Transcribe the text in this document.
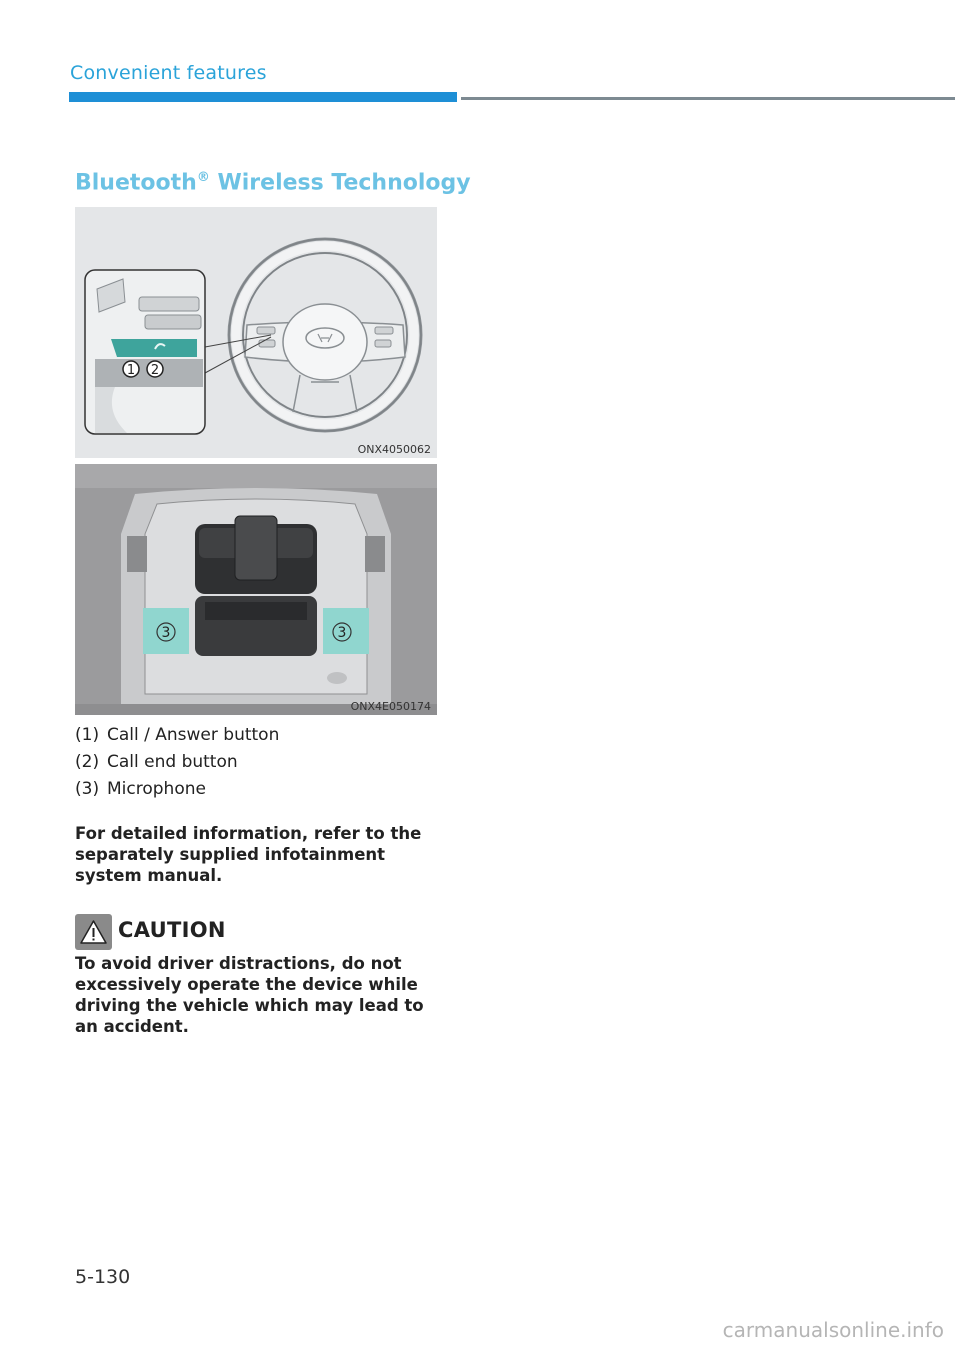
Convenient features
Bluetooth® Wireless Technology
1 2
ONX4050062
3	3
ONX4E050174
(1) Call / Answer button
(2) Call end button
(3) Microphone
For detailed information, refer to the separately supplied infotainment system manual.
CAUTION
To avoid driver distractions, do not excessively operate the device while driving the vehicle which may lead to an accident.
5-130
carmanualsonline.info
